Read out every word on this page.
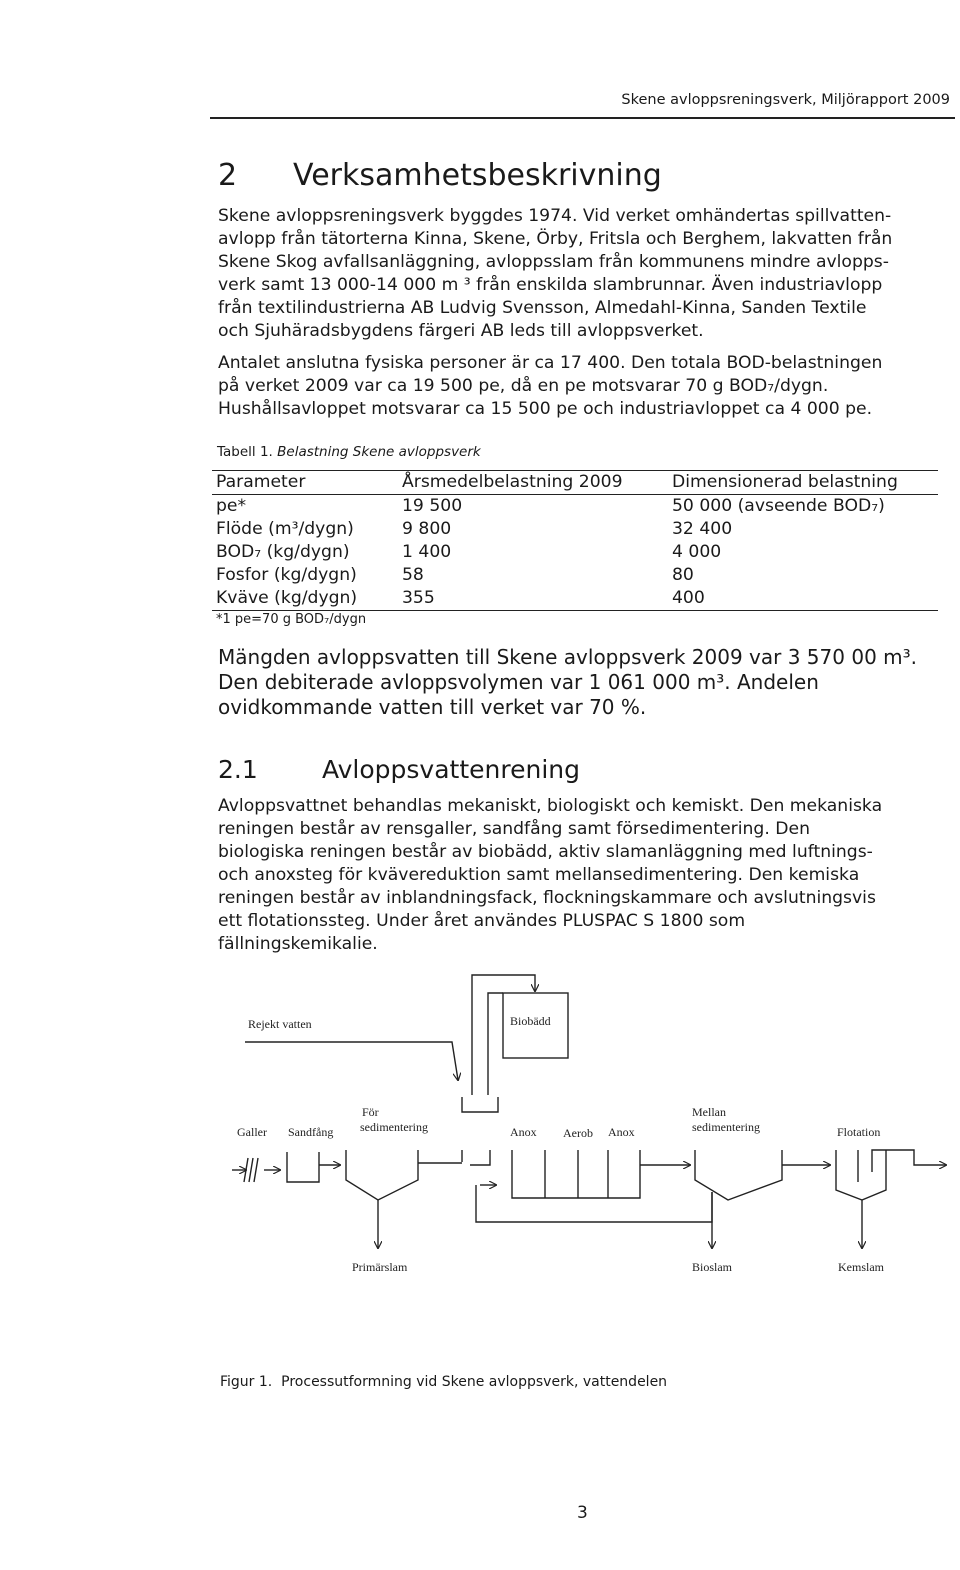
Skene avloppsreningsverk, Miljörapport 2009
2 Verksamhetsbeskrivning

Skene avloppsreningsverk byggdes 1974. Vid verket omhändertas spillvatten-
avlopp från tätorterna Kinna, Skene, Örby, Fritsla och Berghem, lakvatten från
Skene Skog avfallsanläggning, avloppsslam från kommunens mindre avlopps-
verk samt 13 000-14 000 m ³ från enskilda slambrunnar. Även industriavlopp
från textilindustrierna AB Ludvig Svensson, Almedahl-Kinna, Sanden Textile
och Sjuhäradsbygdens färgeri AB leds till avloppsverket.

Antalet anslutna fysiska personer är ca 17 400. Den totala BOD-belastningen
på verket 2009 var ca 19 500 pe, då en pe motsvarar 70 g BOD₇/dygn.
Hushållsavloppet motsvarar ca 15 500 pe och industriavloppet ca 4 000 pe.

Tabell 1. Belastning Skene avloppsverk
Parameter	Årsmedelbelastning 2009	Dimensionerad belastning
pe*	19 500	50 000 (avseende BOD₇)
Flöde (m³/dygn)	9 800	32 400
BOD₇ (kg/dygn)	1 400	4 000
Fosfor (kg/dygn)	58	80
Kväve (kg/dygn)	355	400
*1 pe=70 g BOD₇/dygn

Mängden avloppsvatten till Skene avloppsverk 2009 var 3 570 00 m³.
Den debiterade avloppsvolymen var 1 061 000 m³. Andelen
ovidkommande vatten till verket var 70 %.

2.1	Avloppsvattenrening

Avloppsvattnet behandlas mekaniskt, biologiskt och kemiskt. Den mekaniska
reningen består av rensgaller, sandfång samt försedimentering. Den
biologiska reningen består av biobädd, aktiv slamanläggning med luftnings-
och anoxsteg för kvävereduktion samt mellansedimentering. Den kemiska
reningen består av inblandningsfack, flockningskammare och avslutningsvis
ett flotationssteg. Under året användes PLUSPAC S 1800 som
fällningskemikalie.

Rejekt vatten	Biobädd
Galler Sandfång
För
sedimentering	Anox Aerob Anox
Mellan
sedimentering	Flotation
Primärslam	Bioslam	Kemslam
Figur 1. Processutformning vid Skene avloppsverk, vattendelen
3
